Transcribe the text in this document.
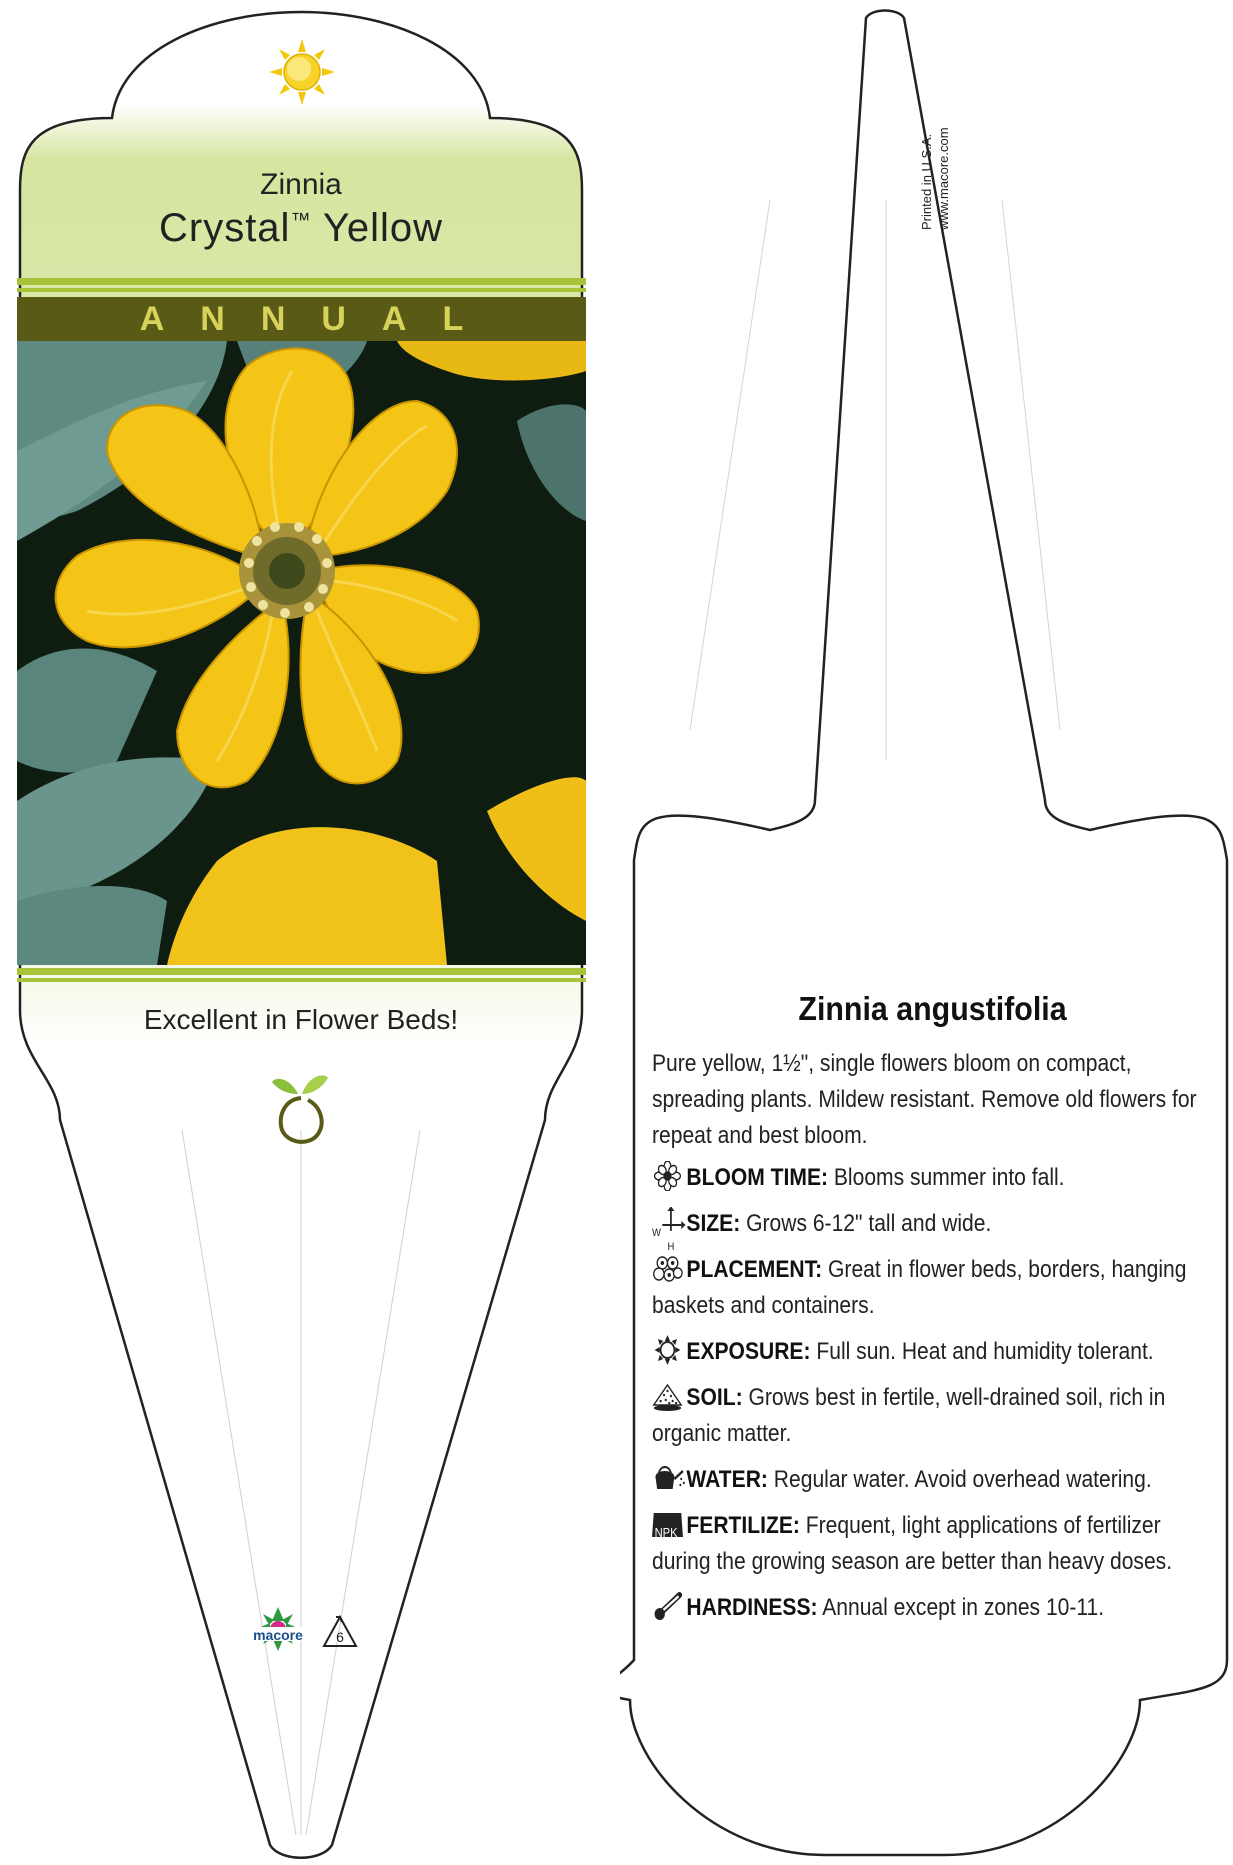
Zinnia
Crystal™ Yellow
ANNUAL
Excellent in Flower Beds!
macore	6
Printed in U.S.A. www.macore.com
Zinnia angustifolia

Pure yellow, 1½", single flowers bloom on compact, spreading plants. Mildew resistant. Remove old flowers for repeat and best bloom.

BLOOM TIME: Blooms summer into fall.
W
H
SIZE: Grows 6-12" tall and wide.
PLACEMENT: Great in flower beds, borders, hanging baskets and containers.
EXPOSURE: Full sun. Heat and humidity tolerant.
SOIL: Grows best in fertile, well-drained soil, rich in organic matter.
WATER: Regular water. Avoid overhead watering.
NPK FERTILIZE: Frequent, light applications of fertilizer during the growing season are better than heavy doses.
HARDINESS: Annual except in zones 10-11.
